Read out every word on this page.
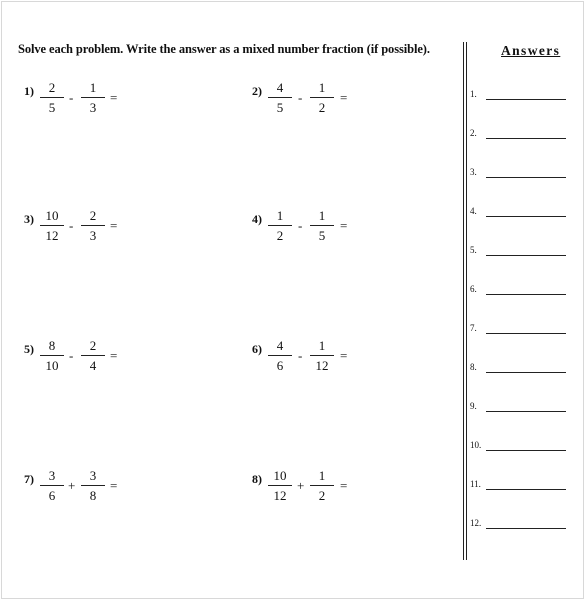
Solve each problem. Write the answer as a mixed number fraction (if possible).
1)	2
5
-
1
3
=	2)	4
5
-
1
2
=
3) 10
12
-
2
3
=	4)	1
2
-
1
5
=
5)	8
10
-
2
4
=	6)	4
6
-
1
12
=
7)	3
6
+
3
8
=	8) 10
12
+
1
2
=
Answers
1.
2.
3.
4.
5.
6.
7.
8.
9.
10.
11.
12.
